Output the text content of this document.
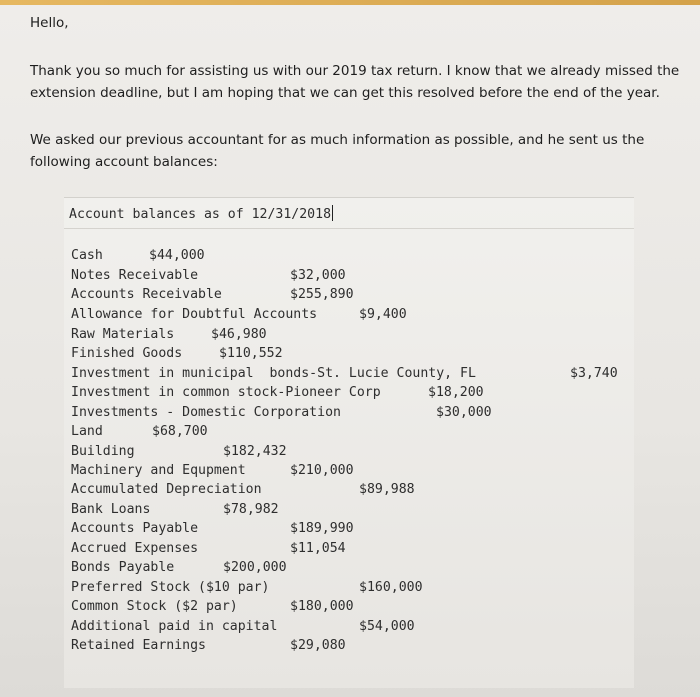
Hello,
Thank you so much for assisting us with our 2019 tax return. I know that we already missed the extension deadline, but I am hoping that we can get this resolved before the end of the year.
We asked our previous accountant for as much information as possible, and he sent us the following account balances:
Account balances as of 12/31/2018
Cash	$44,000
Notes Receivable	$32,000
Accounts Receivable	$255,890
Allowance for Doubtful Accounts	$9,400
Raw Materials	$46,980
Finished Goods	$110,552
Investment in municipal  bonds-St. Lucie County, FL	$3,740
Investment in common stock-Pioneer Corp	$18,200
Investments - Domestic Corporation	$30,000
Land	$68,700
Building	$182,432
Machinery and Equpment	$210,000
Accumulated Depreciation	$89,988
Bank Loans	$78,982
Accounts Payable	$189,990
Accrued Expenses	$11,054
Bonds Payable	$200,000
Preferred Stock ($10 par)	$160,000
Common Stock ($2 par)	$180,000
Additional paid in capital	$54,000
Retained Earnings	$29,080
